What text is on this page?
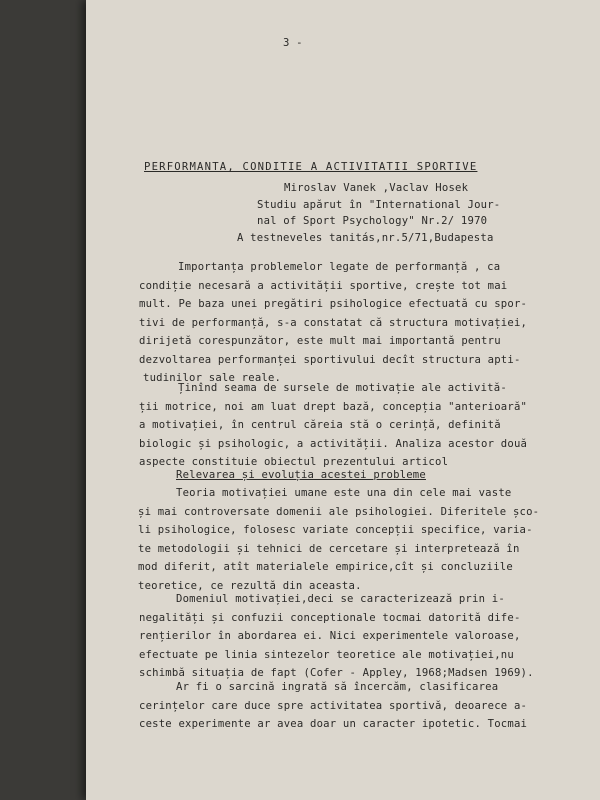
3 -
PERFORMANTA, CONDITIE A ACTIVITATII SPORTIVE
Miroslav Vanek ,Vaclav Hosek
Studiu apărut în "International Jour-
nal of Sport Psychology" Nr.2/ 1970
A testneveles tanitás,nr.5/71,Budapesta
Importanța problemelor legate de performanță , ca
condiție necesară a activității sportive, crește tot mai
mult. Pe baza unei pregătiri psihologice efectuată cu spor-
tivi de performanță, s-a constatat că structura motivației,
dirijetă corespunzător, este mult mai importantă pentru
dezvoltarea performanței sportivului decît structura apti-
tudinilor sale reale.
Ținînd seama de sursele de motivație ale activită-
ții motrice, noi am luat drept bază, concepția "anterioară"
a motivației, în centrul căreia stă o cerință, definită
biologic și psihologic, a activității. Analiza acestor două
aspecte constituie obiectul prezentului articol
Relevarea și evoluția acestei probleme
Teoria motivației umane este una din cele mai vaste
și mai controversate domenii ale psihologiei. Diferitele șco-
li psihologice, folosesc variate concepții specifice, varia-
te metodologii și tehnici de cercetare și interpretează în
mod diferit, atît materialele empirice,cît și concluziile
teoretice, ce rezultă din aceasta.
Domeniul motivației,deci se caracterizează prin i-
negalități și confuzii conceptionale tocmai datorită dife-
rențierilor în abordarea ei. Nici experimentele valoroase,
efectuate pe linia sintezelor teoretice ale motivației,nu
schimbă situația de fapt (Cofer - Appley, 1968;Madsen 1969).
Ar fi o sarcină ingrată să încercăm, clasificarea
cerințelor care duce spre activitatea sportivă, deoarece a-
ceste experimente ar avea doar un caracter ipotetic. Tocmai
